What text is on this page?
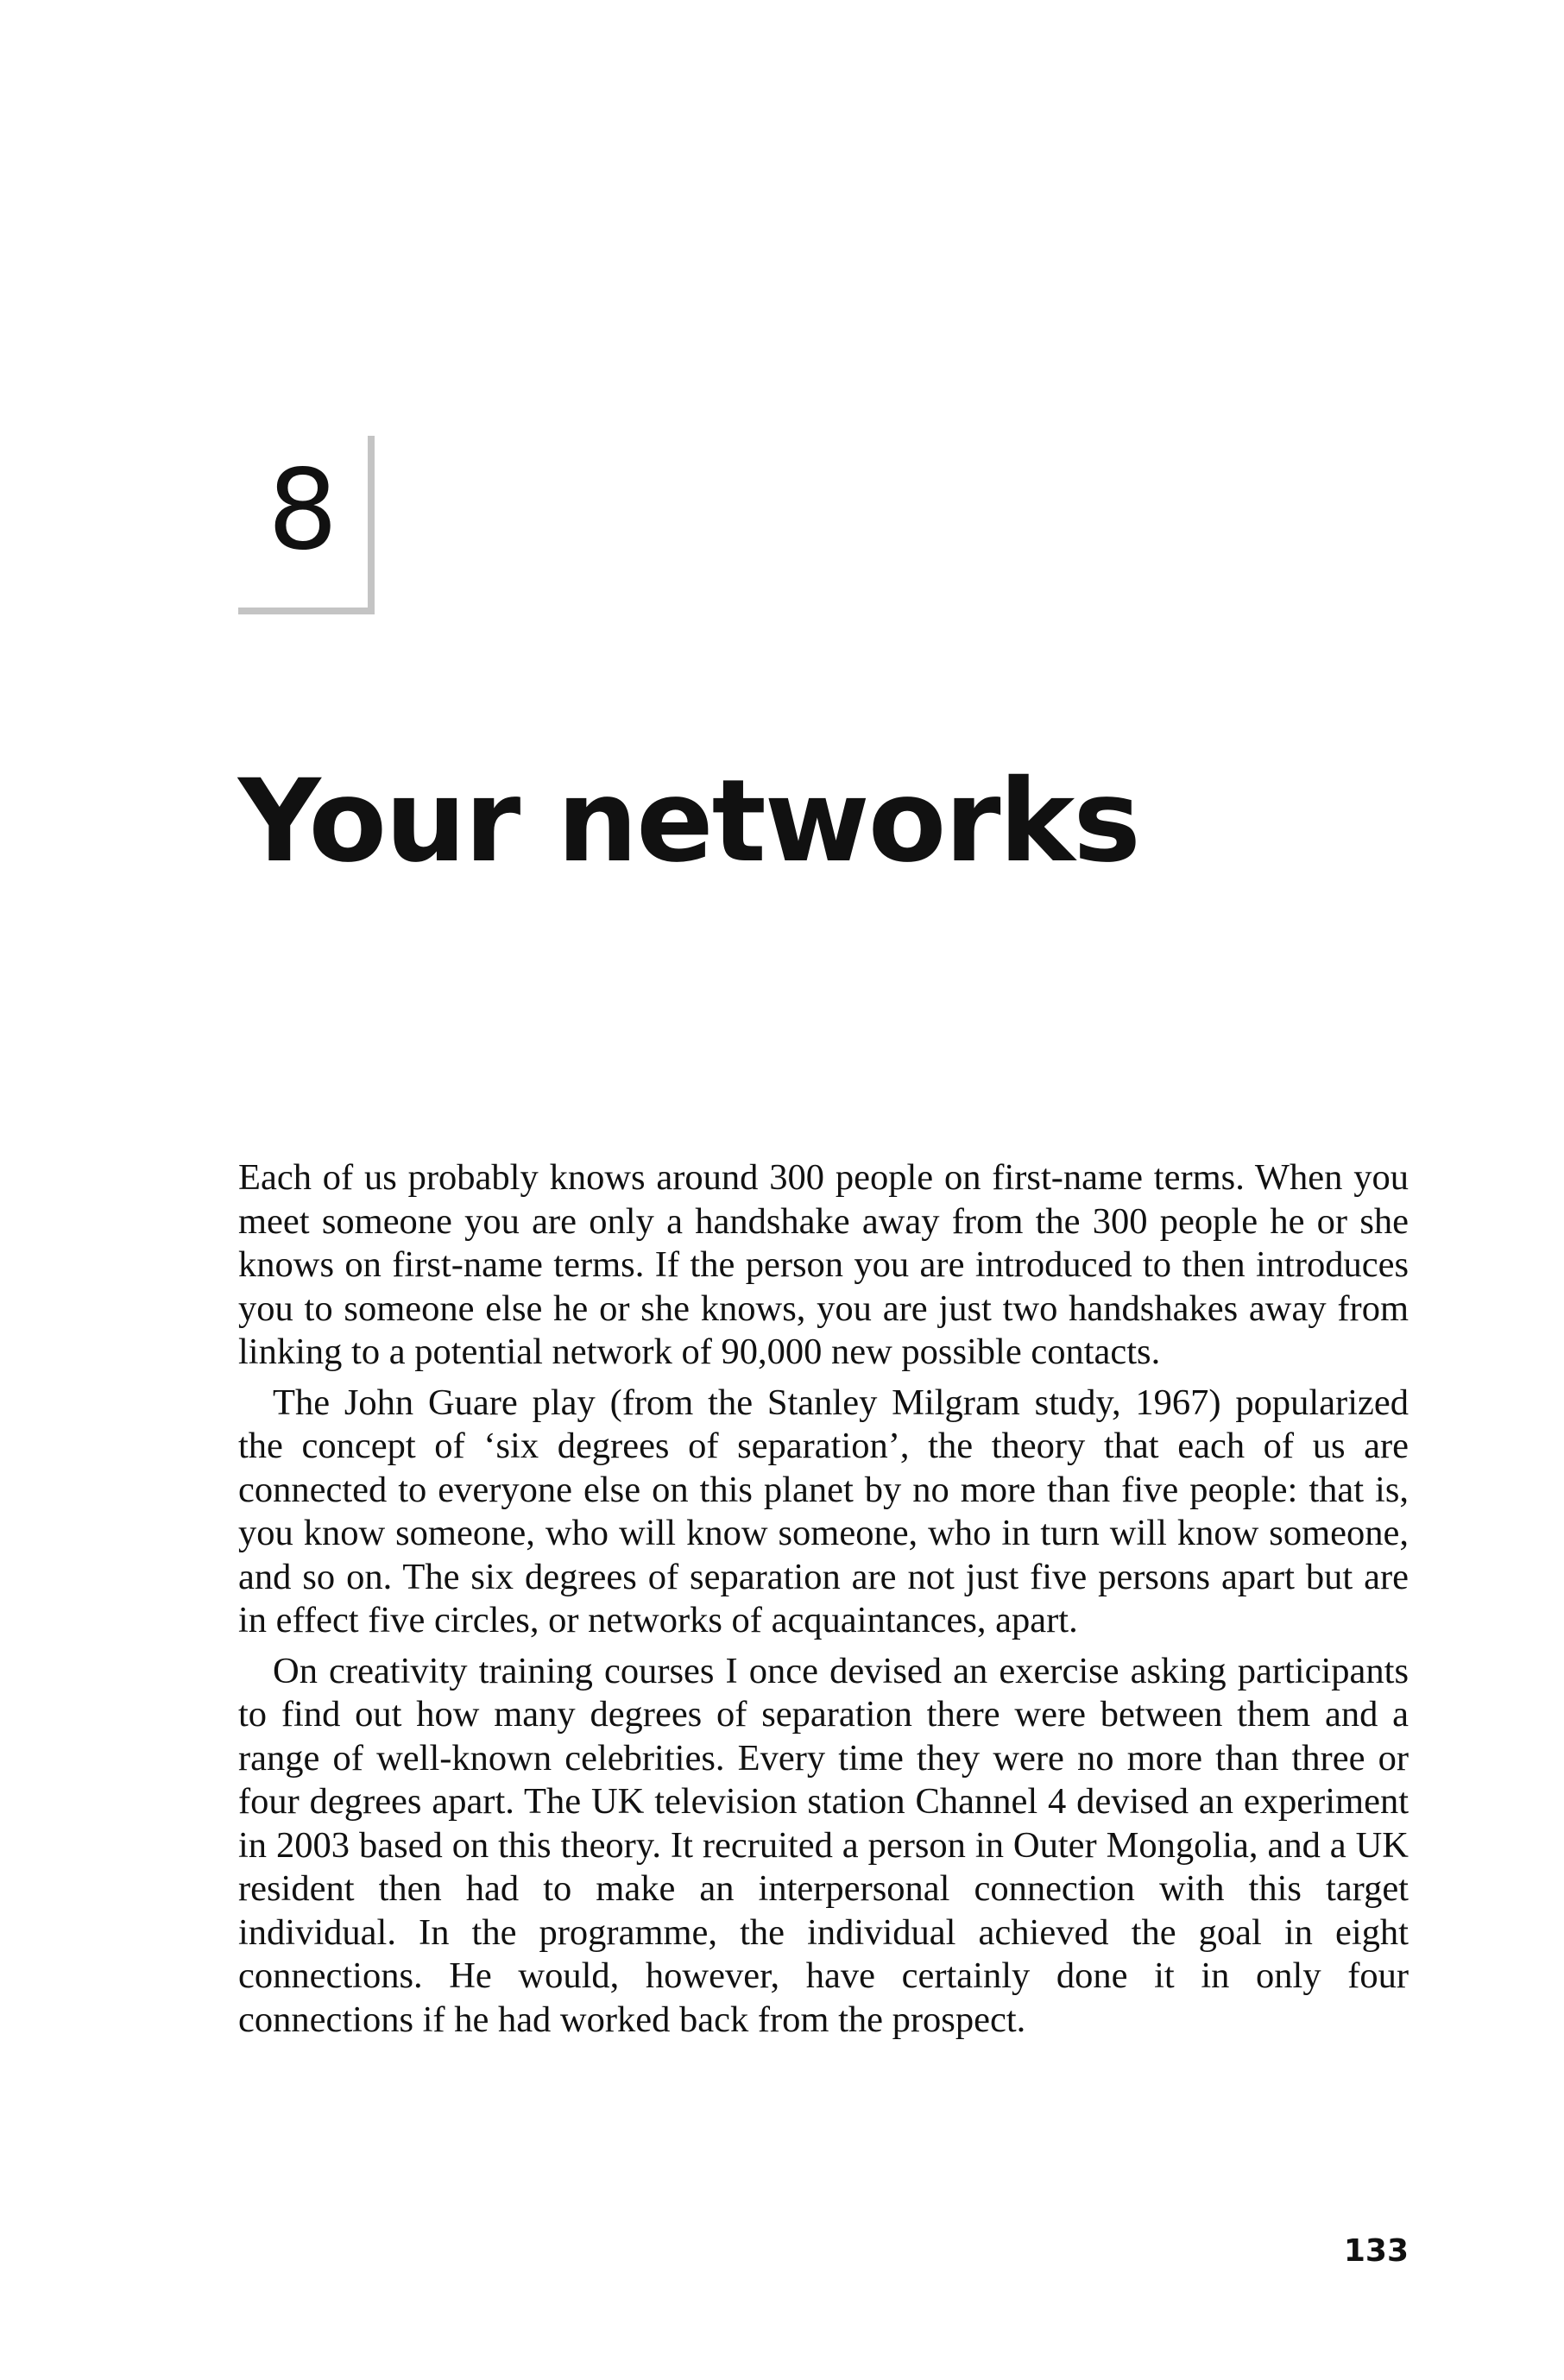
8
Your networks

Each of us probably knows around 300 people on first-name terms. When you meet someone you are only a handshake away from the 300 people he or she knows on first-name terms. If the person you are introduced to then introduces you to someone else he or she knows, you are just two handshakes away from linking to a potential network of 90,000 new possible contacts.

The John Guare play (from the Stanley Milgram study, 1967) popularized the concept of ‘six degrees of separation’, the theory that each of us are connected to everyone else on this planet by no more than five people: that is, you know someone, who will know someone, who in turn will know someone, and so on. The six degrees of separation are not just five persons apart but are in effect five circles, or networks of acquaintances, apart.

On creativity training courses I once devised an exercise asking participants to find out how many degrees of separation there were between them and a range of well-known celebrities. Every time they were no more than three or four degrees apart. The UK television station Channel 4 devised an experiment in 2003 based on this theory. It recruited a person in Outer Mongolia, and a UK resident then had to make an interpersonal connection with this target individual. In the programme, the individual achieved the goal in eight connections. He would, however, have certainly done it in only four connections if he had worked back from the prospect.

133
